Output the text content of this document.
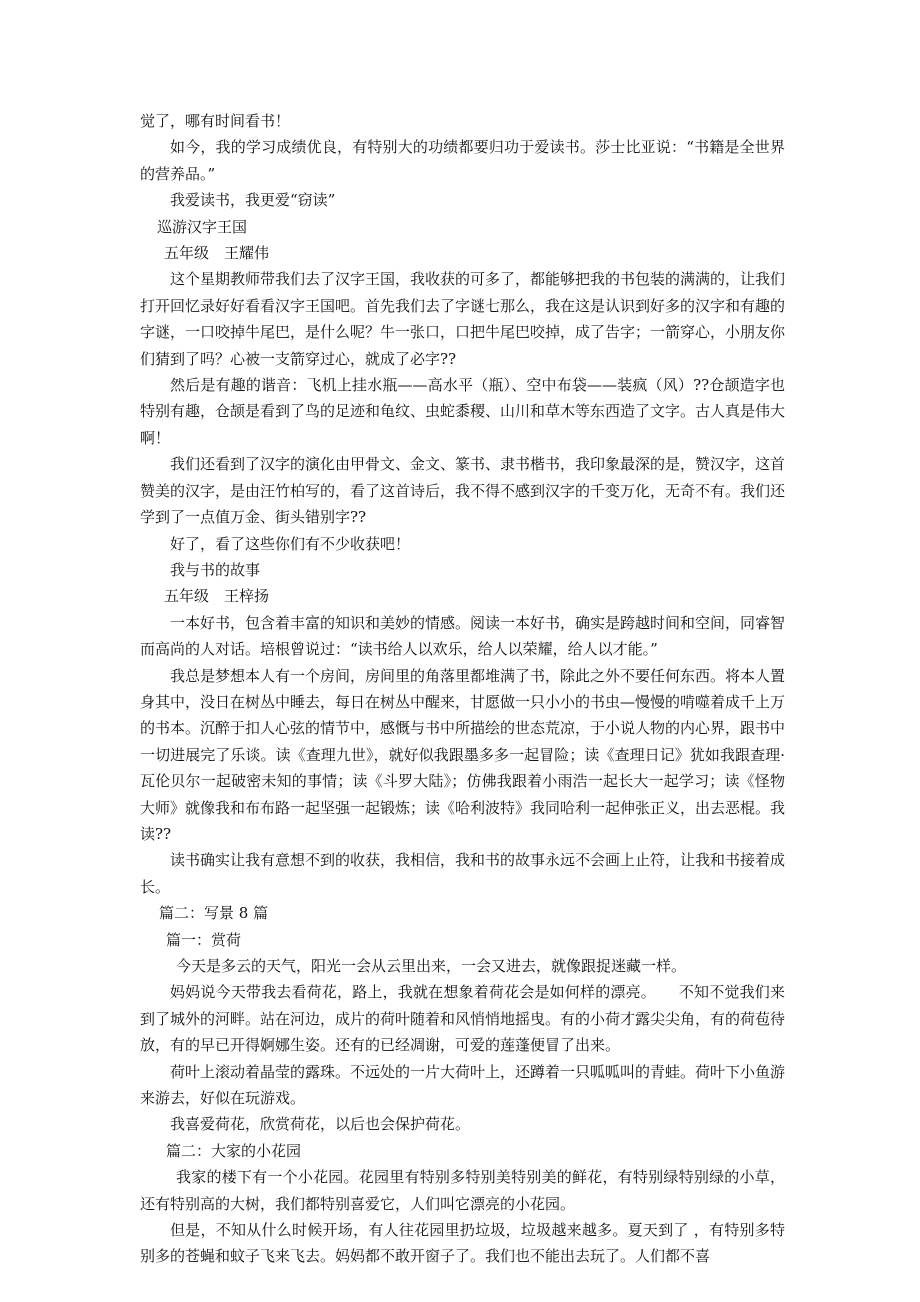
觉了，哪有时间看书！

如今，我的学习成绩优良，有特别大的功绩都要归功于爱读书。莎士比亚说：“书籍是全世界的营养品。”

我爱读书，我更爱“窃读”

巡游汉字王国

五年级　王耀伟

这个星期教师带我们去了汉字王国，我收获的可多了，都能够把我的书包装的满满的，让我们打开回忆录好好看看汉字王国吧。首先我们去了字谜七那么，我在这是认识到好多的汉字和有趣的字谜，一口咬掉牛尾巴，是什么呢？牛一张口，口把牛尾巴咬掉，成了告字；一箭穿心，小朋友你们猜到了吗？心被一支箭穿过心，就成了必字??

然后是有趣的谐音：飞机上挂水瓶——高水平（瓶）、空中布袋——装疯（风）??仓颉造字也特别有趣，仓颉是看到了鸟的足迹和龟纹、虫蛇黍稷、山川和草木等东西造了文字。古人真是伟大啊！

我们还看到了汉字的演化由甲骨文、金文、篆书、隶书楷书，我印象最深的是，赞汉字，这首赞美的汉字，是由汪竹柏写的，看了这首诗后，我不得不感到汉字的千变万化，无奇不有。我们还学到了一点值万金、街头错别字??

好了，看了这些你们有不少收获吧！

我与书的故事

五年级　王梓扬

一本好书，包含着丰富的知识和美妙的情感。阅读一本好书，确实是跨越时间和空间，同睿智而高尚的人对话。培根曾说过：“读书给人以欢乐，给人以荣耀，给人以才能。”

我总是梦想本人有一个房间，房间里的角落里都堆满了书，除此之外不要任何东西。将本人置身其中，没日在树丛中睡去，每日在树丛中醒来，甘愿做一只小小的书虫—慢慢的啃噬着成千上万的书本。沉醉于扣人心弦的情节中，感慨与书中所描绘的世态荒凉，于小说人物的内心界，跟书中一切进展完了乐谈。读《查理九世》，就好似我跟墨多多一起冒险；读《查理日记》犹如我跟查理·瓦伦贝尔一起破密未知的事情；读《斗罗大陆》；仿佛我跟着小雨浩一起长大一起学习；读《怪物大师》就像我和布布路一起坚强一起锻炼；读《哈利波特》我同哈利一起伸张正义，出去恶棍。我读??

读书确实让我有意想不到的收获，我相信，我和书的故事永远不会画上止符，让我和书接着成长。

篇二：写景 8 篇

篇一：赏荷

今天是多云的天气，阳光一会从云里出来，一会又进去，就像跟捉迷藏一样。

妈妈说今天带我去看荷花，路上，我就在想象着荷花会是如何样的漂亮。　　不知不觉我们来到了城外的河畔。站在河边，成片的荷叶随着和风悄悄地摇曳。有的小荷才露尖尖角，有的荷苞待放，有的早已开得婀娜生姿。还有的已经凋谢，可爱的莲蓬便冒了出来。

荷叶上滚动着晶莹的露珠。不远处的一片大荷叶上，还蹲着一只呱呱叫的青蛙。荷叶下小鱼游来游去，好似在玩游戏。

我喜爱荷花，欣赏荷花，以后也会保护荷花。

篇二：大家的小花园

我家的楼下有一个小花园。花园里有特别多特别美特别美的鲜花，有特别绿特别绿的小草，还有特别高的大树，我们都特别喜爱它，人们叫它漂亮的小花园。

但是，不知从什么时候开场，有人往花园里扔垃圾，垃圾越来越多。夏天到了 ，有特别多特别多的苍蝇和蚊子飞来飞去。妈妈都不敢开窗子了。我们也不能出去玩了。人们都不喜
